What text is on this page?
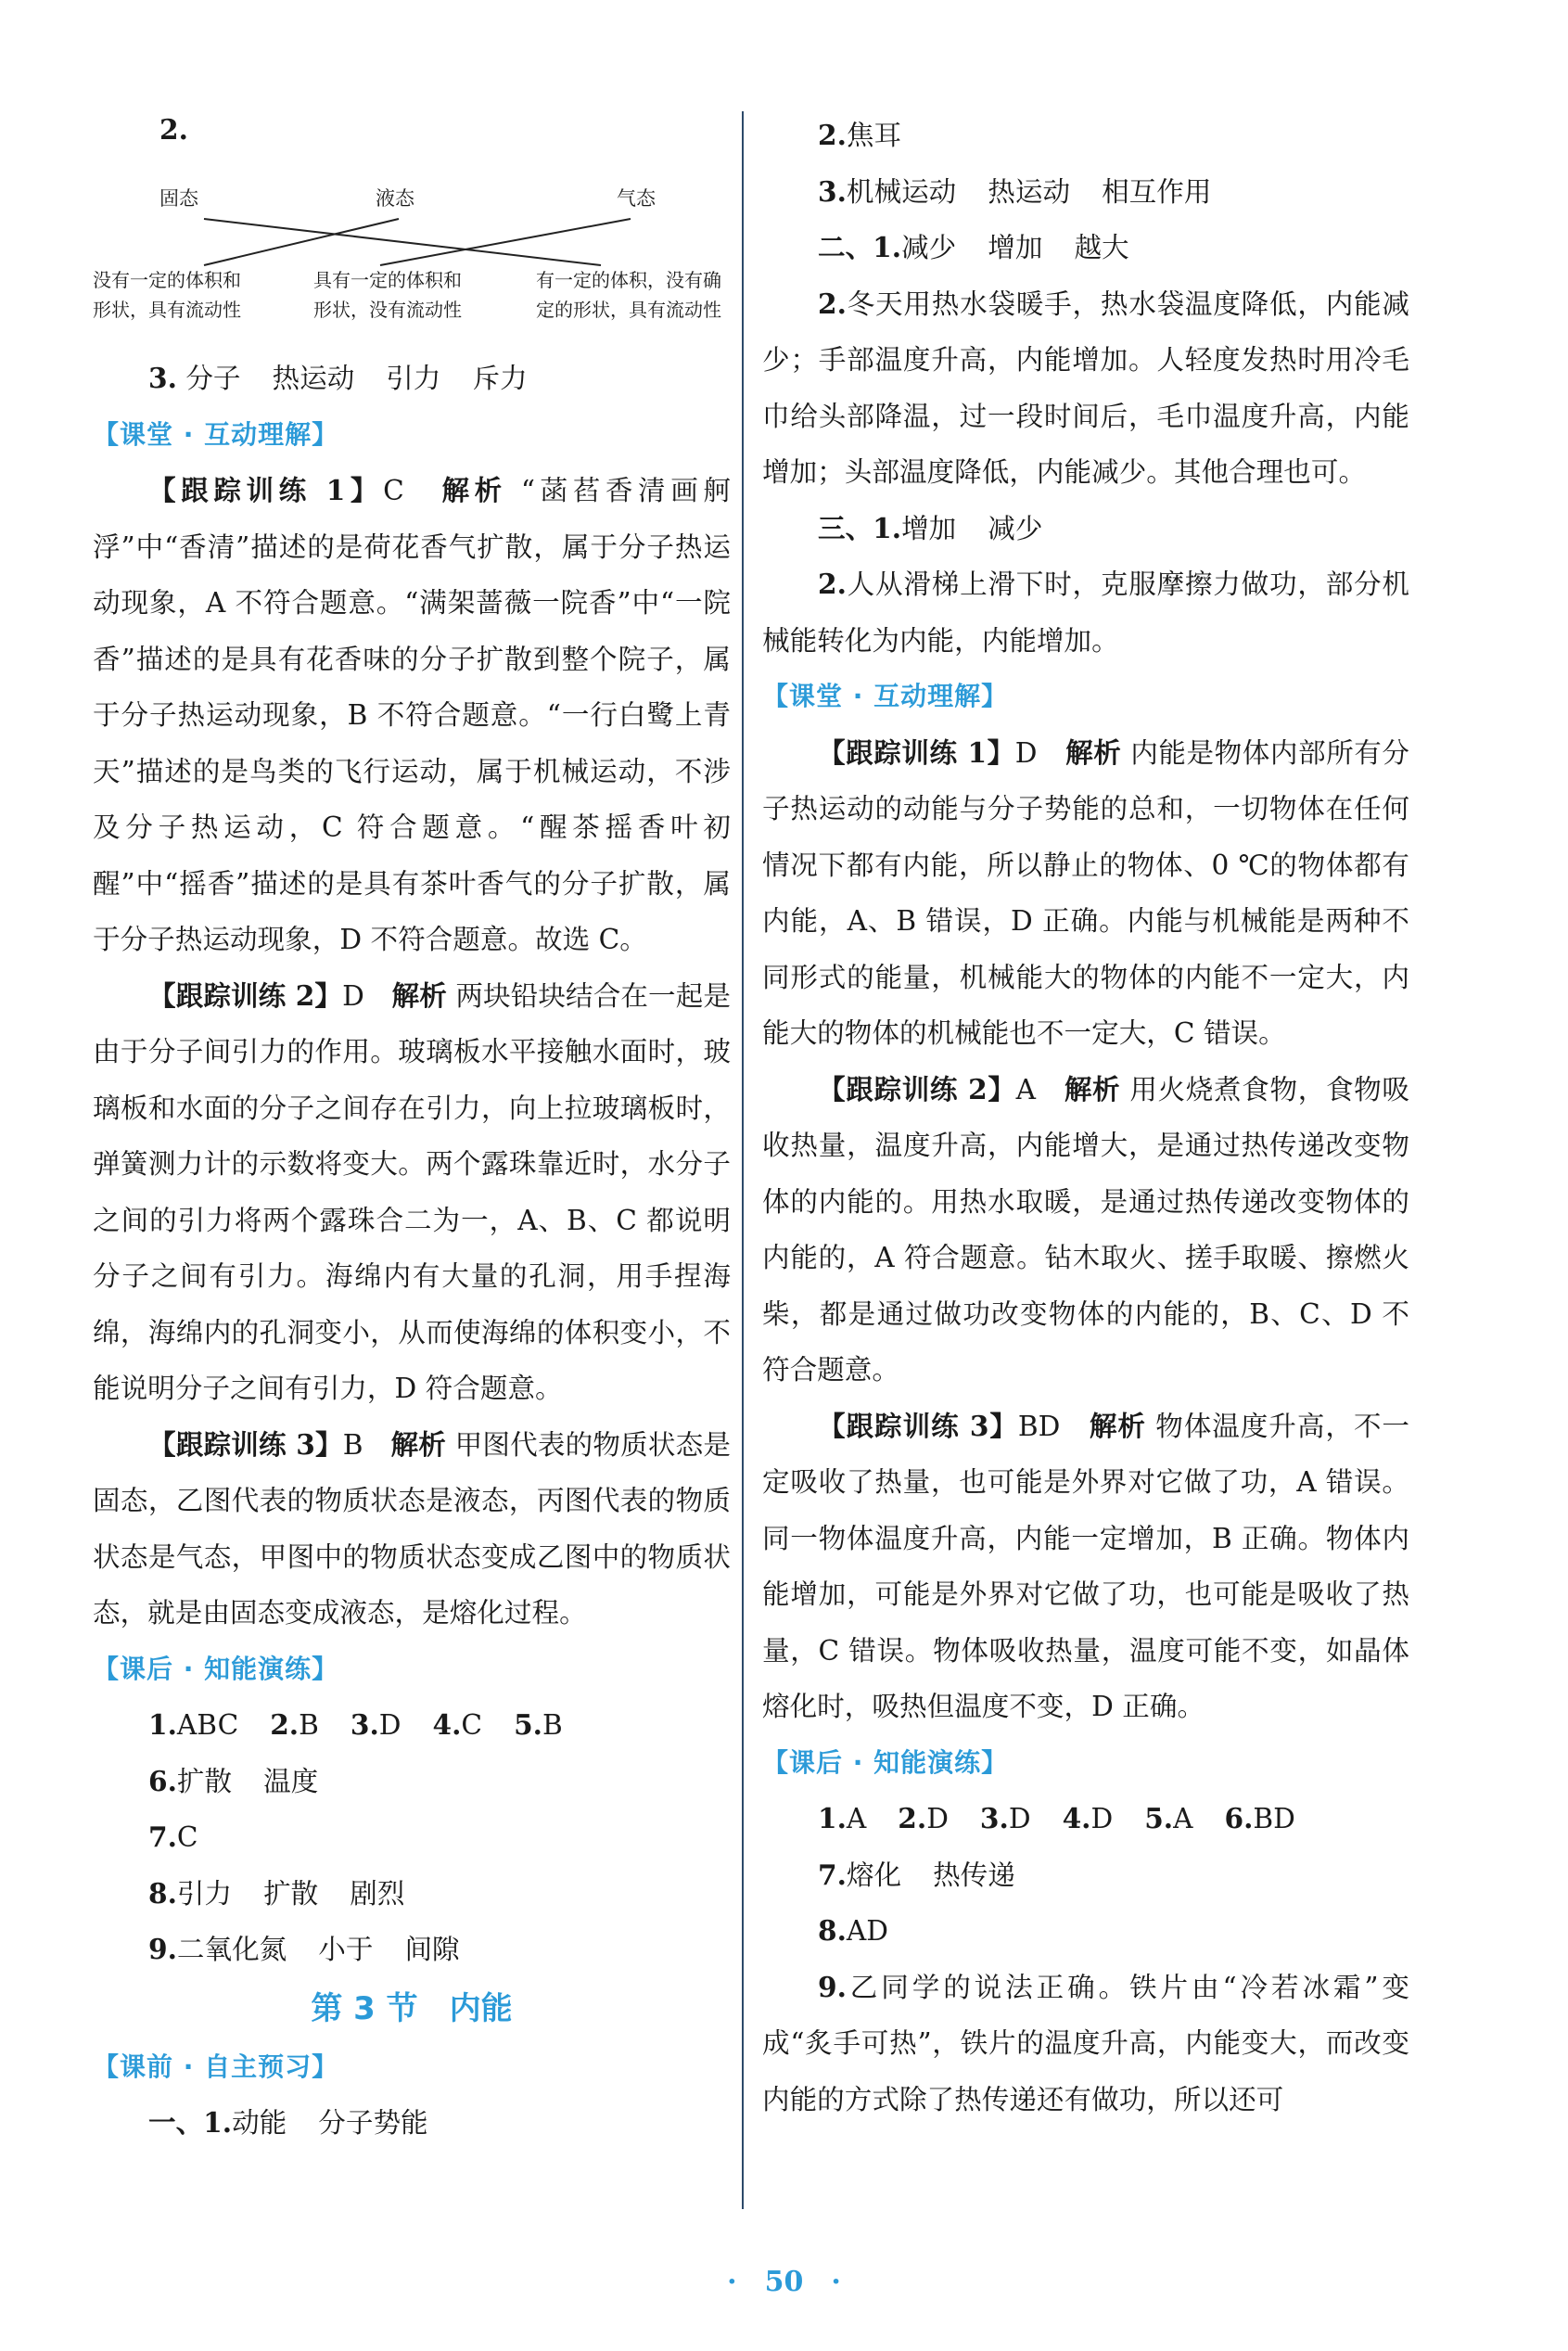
2.
固态	液态	气态
没有一定的体积和
形状，具有流动性
具有一定的体积和
形状，没有流动性
有一定的体积，没有确
定的形状，具有流动性

3. 分子 热运动 引力 斥力

【课堂 · 互动理解】

【跟踪训练 1】C　 解析 “菡萏香清画舸浮”中“香清”描述的是荷花香气扩散，属于分子热运动现象，A 不符合题意。“满架蔷薇一院香”中“一院香”描述的是具有花香味的分子扩散到整个院子，属于分子热运动现象，B 不符合题意。“一行白鹭上青天”描述的是鸟类的飞行运动，属于机械运动，不涉及分子热运动，C 符合题意。“醒茶摇香叶初醒”中“摇香”描述的是具有茶叶香气的分子扩散，属于分子热运动现象，D 不符合题意。故选 C。

【跟踪训练 2】D　 解析 两块铅块结合在一起是由于分子间引力的作用。玻璃板水平接触水面时，玻璃板和水面的分子之间存在引力，向上拉玻璃板时，弹簧测力计的示数将变大。两个露珠靠近时，水分子之间的引力将两个露珠合二为一，A、B、C 都说明分子之间有引力。海绵内有大量的孔洞，用手捏海绵，海绵内的孔洞变小，从而使海绵的体积变小，不能说明分子之间有引力，D 符合题意。

【跟踪训练 3】B　 解析 甲图代表的物质状态是固态，乙图代表的物质状态是液态，丙图代表的物质状态是气态，甲图中的物质状态变成乙图中的物质状态，就是由固态变成液态，是熔化过程。

【课后 · 知能演练】

1.ABC 2.B 3.D 4.C 5.B

6.扩散 温度

7.C

8.引力 扩散 剧烈

9.二氧化氮 小于 间隙

第 3 节　内能
【课前 · 自主预习】

一、1.动能 分子势能

2.焦耳

3.机械运动 热运动 相互作用

二、1.减少 增加 越大

2.冬天用热水袋暖手，热水袋温度降低，内能减少；手部温度升高，内能增加。人轻度发热时用冷毛巾给头部降温，过一段时间后，毛巾温度升高，内能增加；头部温度降低，内能减少。其他合理也可。

三、1.增加 减少

2.人从滑梯上滑下时，克服摩擦力做功，部分机械能转化为内能，内能增加。

【课堂 · 互动理解】

【跟踪训练 1】D　 解析 内能是物体内部所有分子热运动的动能与分子势能的总和，一切物体在任何情况下都有内能，所以静止的物体、0 ℃的物体都有内能，A、B 错误，D 正确。内能与机械能是两种不同形式的能量，机械能大的物体的内能不一定大，内能大的物体的机械能也不一定大，C 错误。

【跟踪训练 2】A　 解析 用火烧煮食物，食物吸收热量，温度升高，内能增大，是通过热传递改变物体的内能的。用热水取暖，是通过热传递改变物体的内能的，A 符合题意。钻木取火、搓手取暖、擦燃火柴，都是通过做功改变物体的内能的，B、C、D 不符合题意。

【跟踪训练 3】BD　 解析 物体温度升高，不一定吸收了热量，也可能是外界对它做了功，A 错误。同一物体温度升高，内能一定增加，B 正确。物体内能增加，可能是外界对它做了功，也可能是吸收了热量，C 错误。物体吸收热量，温度可能不变，如晶体熔化时，吸热但温度不变，D 正确。

【课后 · 知能演练】

1.A 2.D 3.D 4.D 5.A 6.BD

7.熔化 热传递

8.AD

9.乙同学的说法正确。铁片由“冷若冰霜”变成“炙手可热”，铁片的温度升高，内能变大，而改变内能的方式除了热传递还有做功，所以还可

·　50　·
